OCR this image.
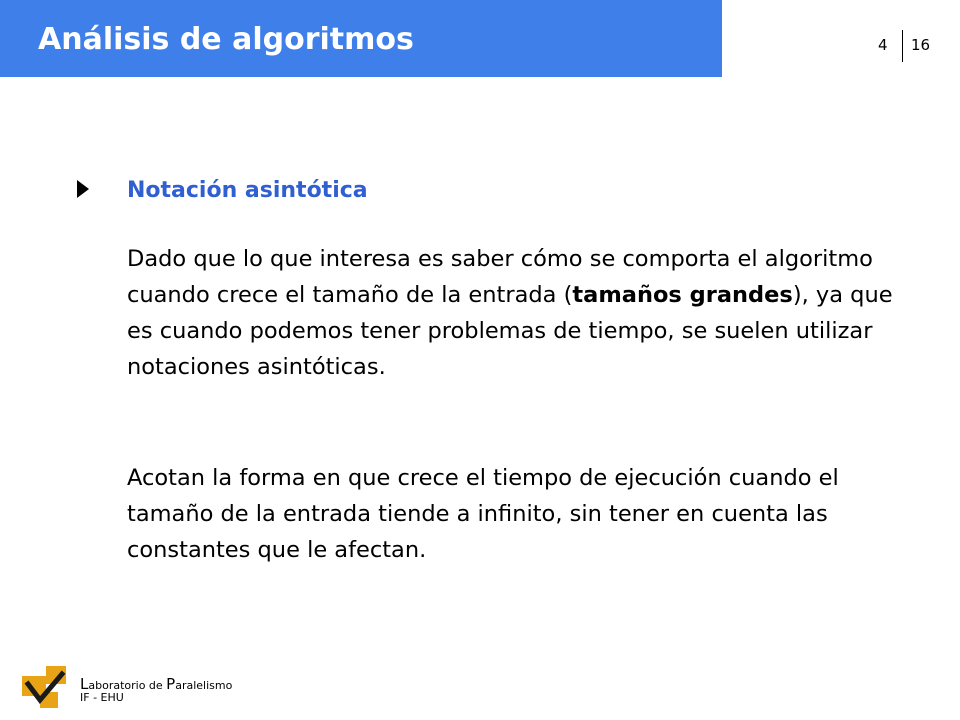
Análisis de algoritmos	4 16
Notación asintótica
Dado que lo que interesa es saber cómo se comporta el algoritmo cuando crece el tamaño de la entrada (tamaños grandes), ya que es cuando podemos tener problemas de tiempo, se suelen utilizar notaciones asintóticas.
Acotan la forma en que crece el tiempo de ejecución cuando el tamaño de la entrada tiende a infinito, sin tener en cuenta las constantes que le afectan.
Laboratorio de Paralelismo
IF - EHU
